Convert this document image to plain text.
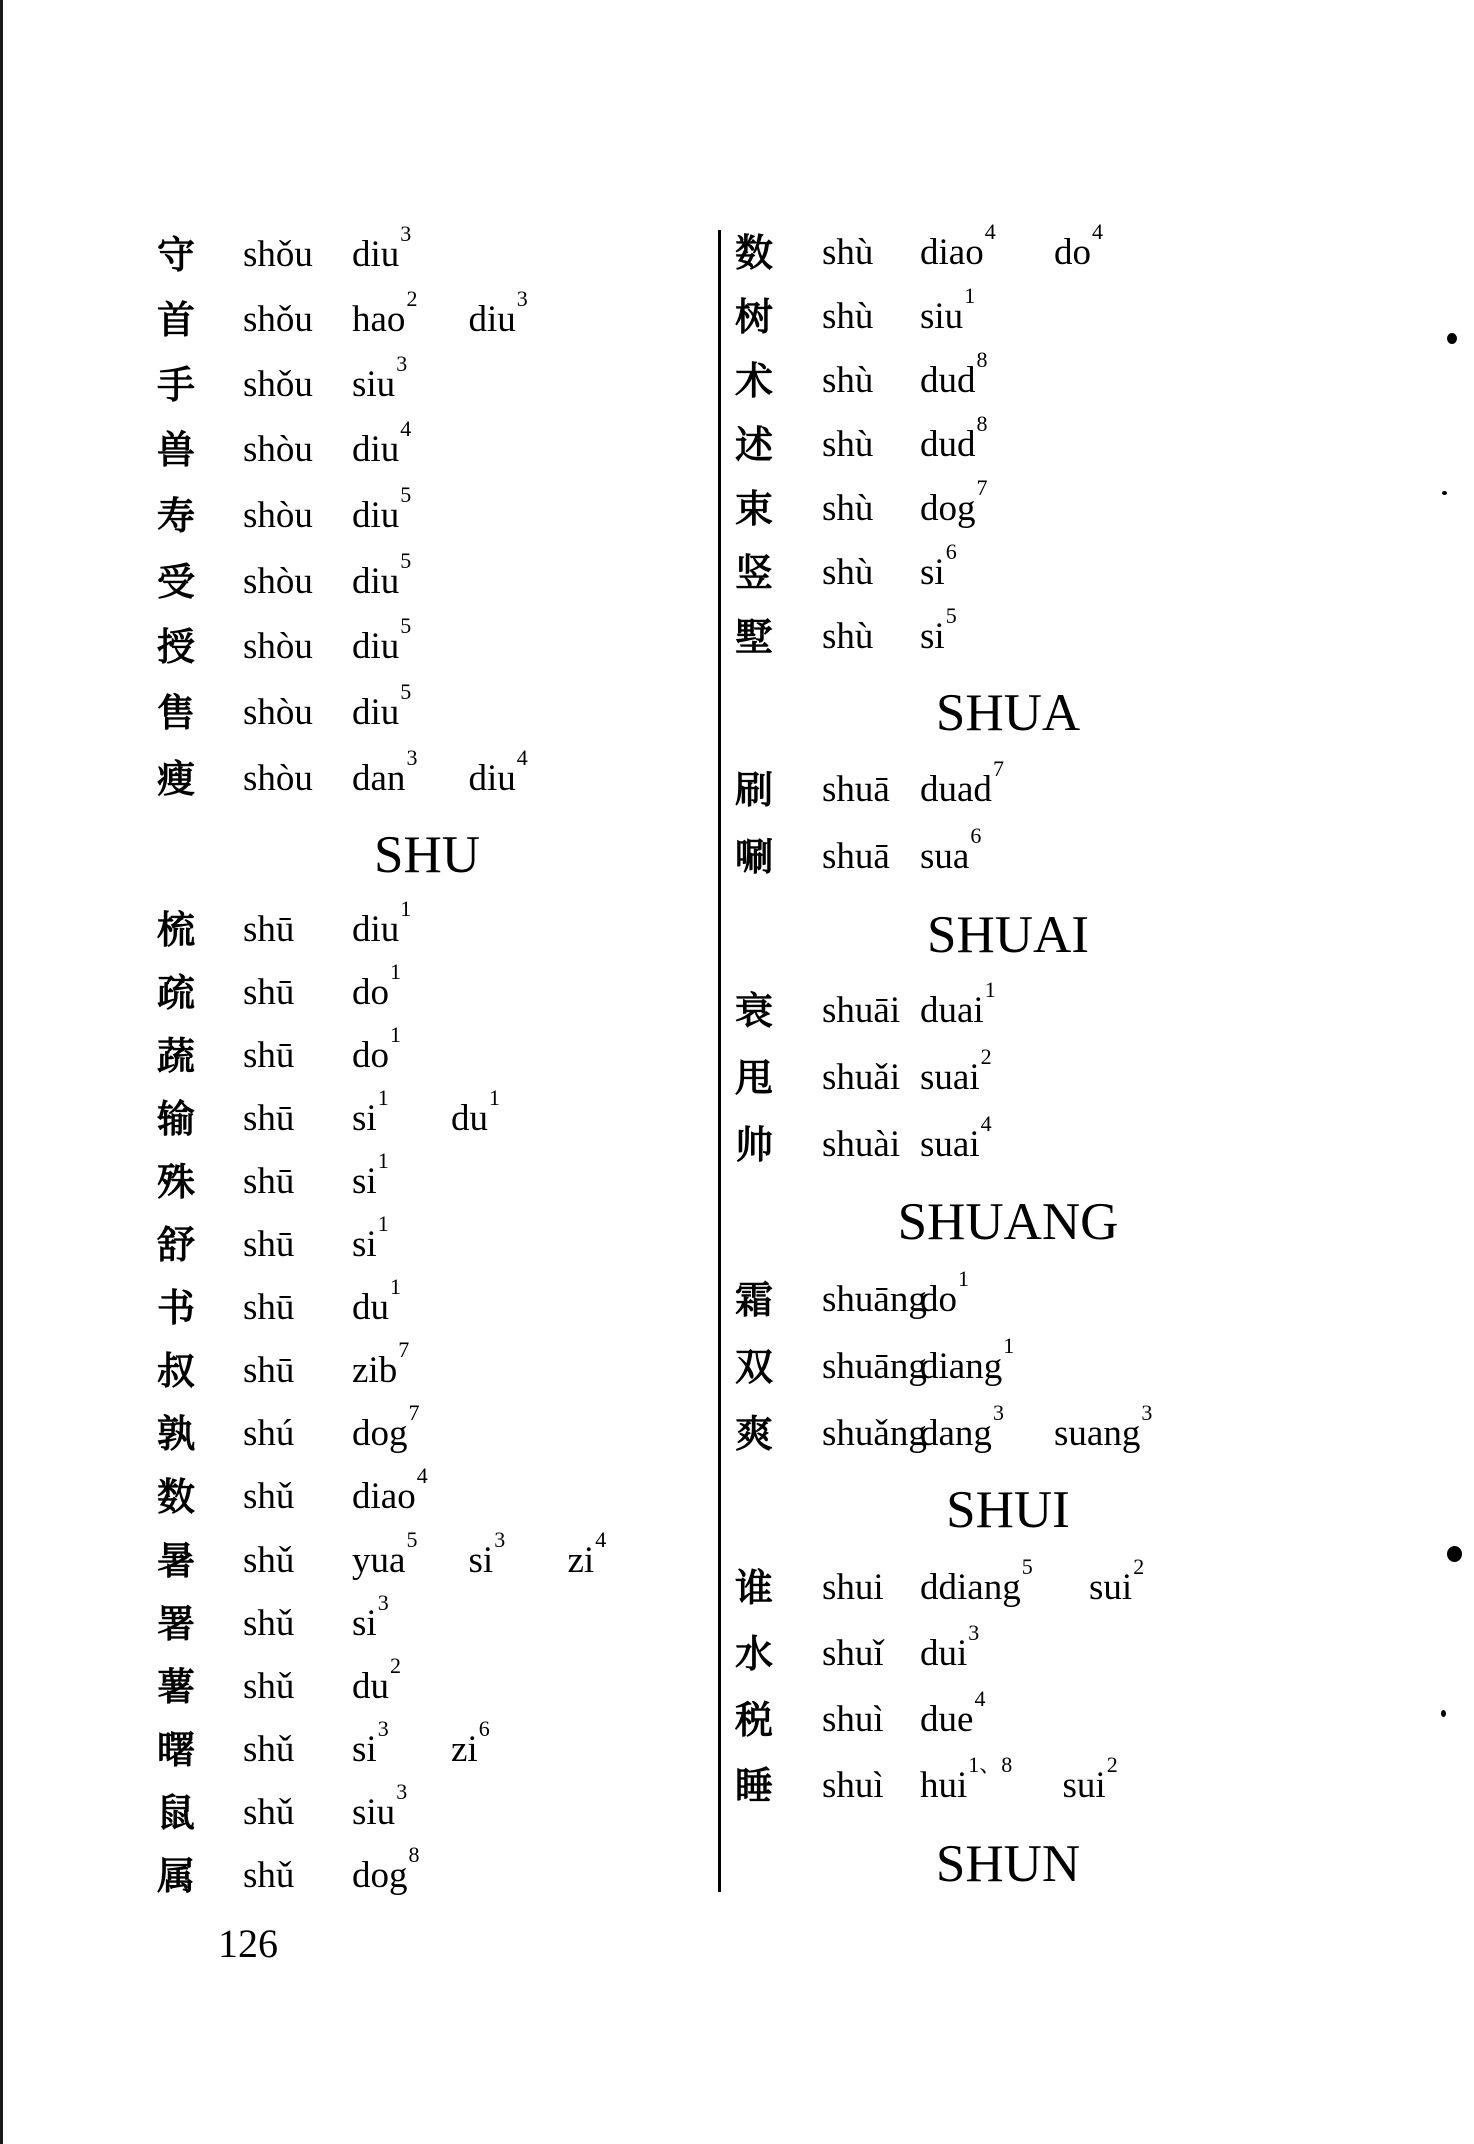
守 shǒu diu$^3$
首 shǒu hao$^2$
diu$^3$
手 shǒu siu$^3$
兽 shòu diu$^4$
寿 shòu diu$^5$
受 shòu diu$^5$
授 shòu diu$^5$
售 shòu diu$^5$
瘦 shòu dan$^3$
diu$^4$
SHU
梳 shū diu$^1$
疏 shū $do^1$
蔬 shū $do^1$
输 shū $si^1$
$du^1$
殊 shū $si^1$
舒 shū $si^1$
书 shū $du^1$
叔 shū zib$^7$
孰 shú dog$^7$
数 shǔ diao$^4$
暑 shǔ yua$^5$
$si^3$
$zi^4$
署 shǔ $si^3$
薯 shǔ $du^2$
曙 shǔ $si^3$
$zi^6$
鼠 shǔ siu$^3$
属 shǔ dog$^8$
数 shù diao$^4$
$do^4$
树 shù siu$^1$
术 shù dud$^8$
述 shù dud$^8$
束 shù dog$^7$
竖 shù $si^6$
墅 shù $si^5$
SHUA
刷 shuā duad$^7$
唰 shuā sua$^6$
SHUAI
衰 shuāi duai$^1$
甩 shuǎi suai$^2$
帅 shuài suai$^4$
SHUANG
霜 shuāng
$do^1$
双 shuāng
diang$^1$
爽 shuǎng
dang$^3$
suang$^3$
SHUI
谁 shui ddiang$^5$
sui$^2$
水 shuǐ dui$^3$
税 shuì due$^4$
睡 shuì hui$^{1、8}$
sui$^2$
SHUN
126
